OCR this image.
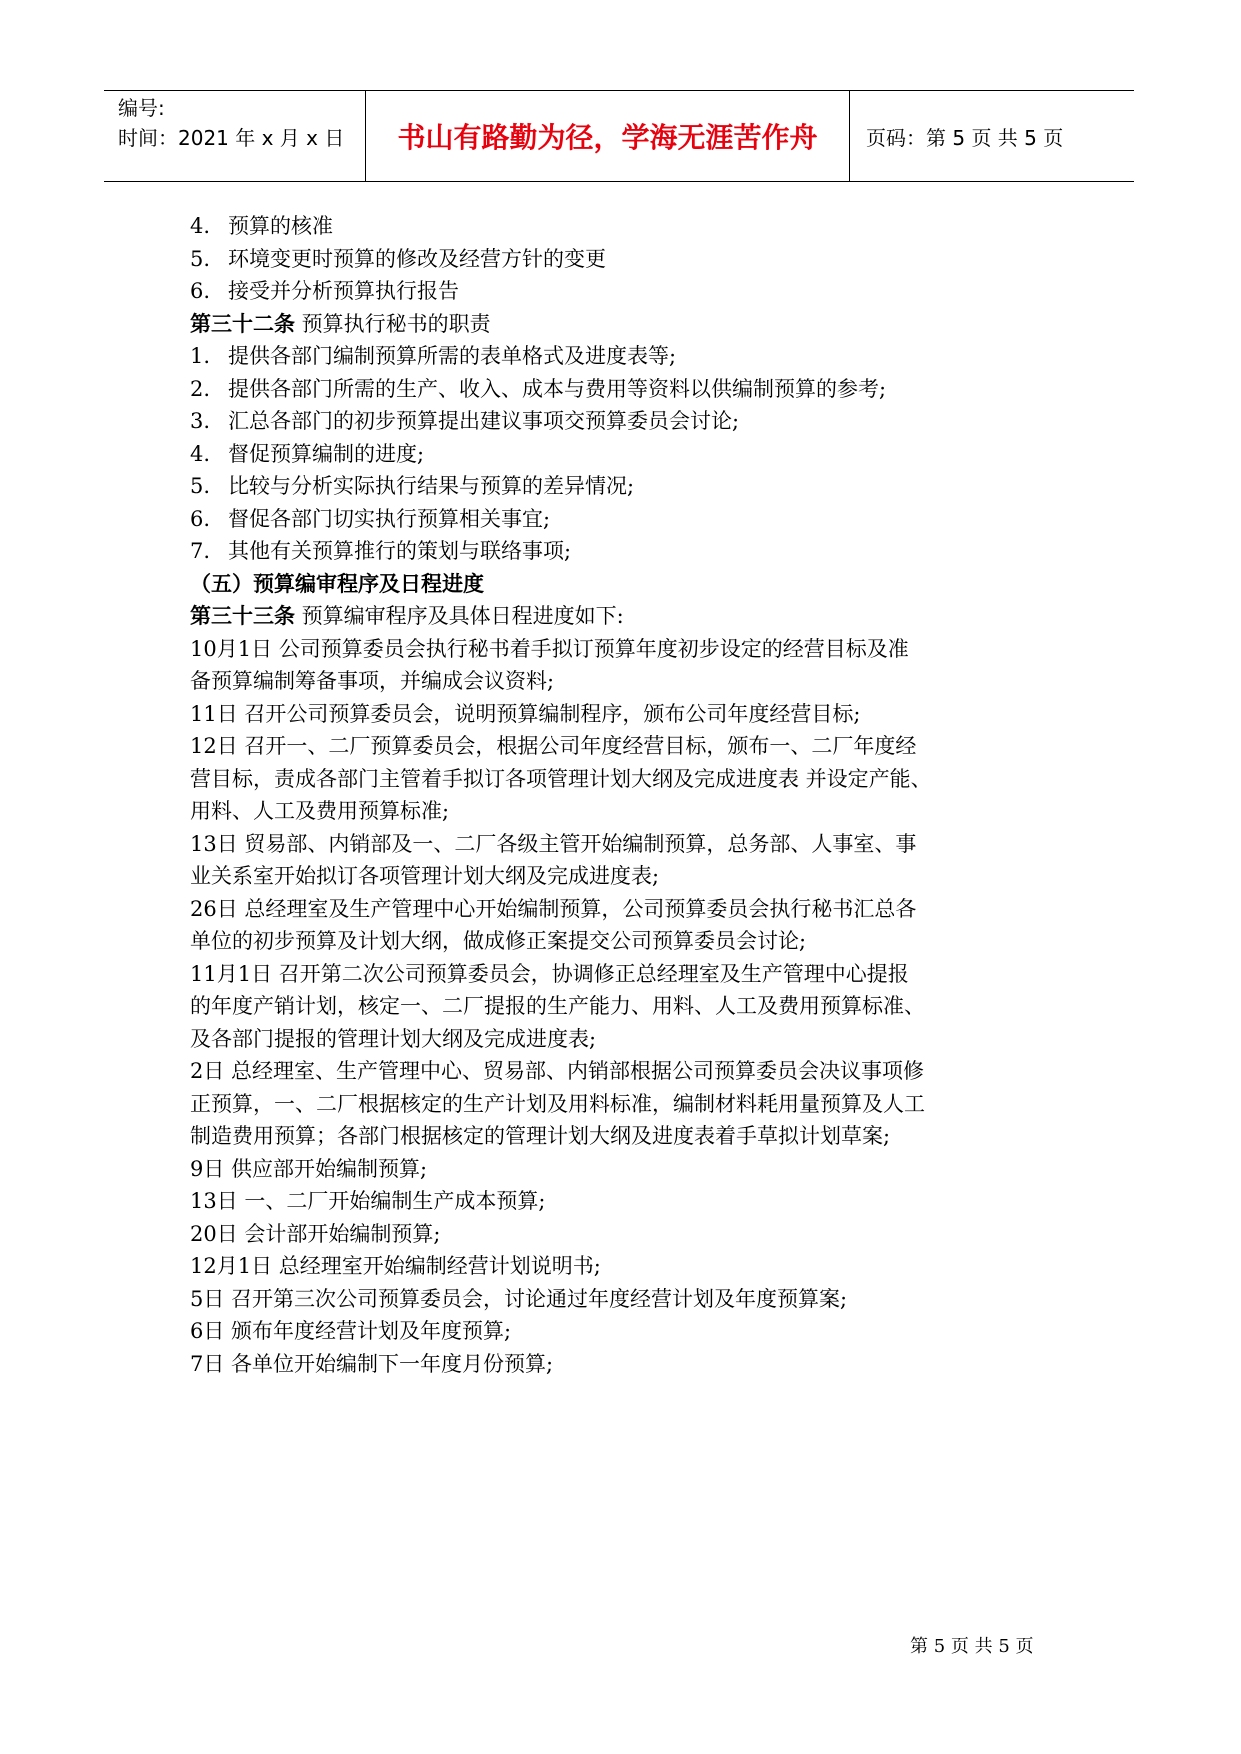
编号:
时间：2021 年 x 月 x 日	书山有路勤为径，学海无涯苦作舟 页码：第 5 页 共 5 页
4. 预算的核准
5. 环境变更时预算的修改及经营方针的变更
6. 接受并分析预算执行报告
第三十二条 预算执行秘书的职责
1. 提供各部门编制预算所需的表单格式及进度表等;
2. 提供各部门所需的生产、收入、成本与费用等资料以供编制预算的参考;
3. 汇总各部门的初步预算提出建议事项交预算委员会讨论;
4. 督促预算编制的进度;
5. 比较与分析实际执行结果与预算的差异情况;
6. 督促各部门切实执行预算相关事宜;
7. 其他有关预算推行的策划与联络事项;
（五）预算编审程序及日程进度
第三十三条 预算编审程序及具体日程进度如下:
10月1日 公司预算委员会执行秘书着手拟订预算年度初步设定的经营目标及准
备预算编制筹备事项，并编成会议资料;
11日 召开公司预算委员会，说明预算编制程序，颁布公司年度经营目标;
12日 召开一、二厂预算委员会，根据公司年度经营目标，颁布一、二厂年度经
营目标，责成各部门主管着手拟订各项管理计划大纲及完成进度表 并设定产能、
用料、人工及费用预算标准;
13日 贸易部、内销部及一、二厂各级主管开始编制预算，总务部、人事室、事
业关系室开始拟订各项管理计划大纲及完成进度表;
26日 总经理室及生产管理中心开始编制预算，公司预算委员会执行秘书汇总各
单位的初步预算及计划大纲，做成修正案提交公司预算委员会讨论;
11月1日 召开第二次公司预算委员会，协调修正总经理室及生产管理中心提报
的年度产销计划，核定一、二厂提报的生产能力、用料、人工及费用预算标准、
及各部门提报的管理计划大纲及完成进度表;
2日 总经理室、生产管理中心、贸易部、内销部根据公司预算委员会决议事项修
正预算，一、二厂根据核定的生产计划及用料标准，编制材料耗用量预算及人工
制造费用预算；各部门根据核定的管理计划大纲及进度表着手草拟计划草案;
9日 供应部开始编制预算;
13日 一、二厂开始编制生产成本预算;
20日 会计部开始编制预算;
12月1日 总经理室开始编制经营计划说明书;
5日 召开第三次公司预算委员会，讨论通过年度经营计划及年度预算案;
6日 颁布年度经营计划及年度预算;
7日 各单位开始编制下一年度月份预算;
第 5 页 共 5 页
